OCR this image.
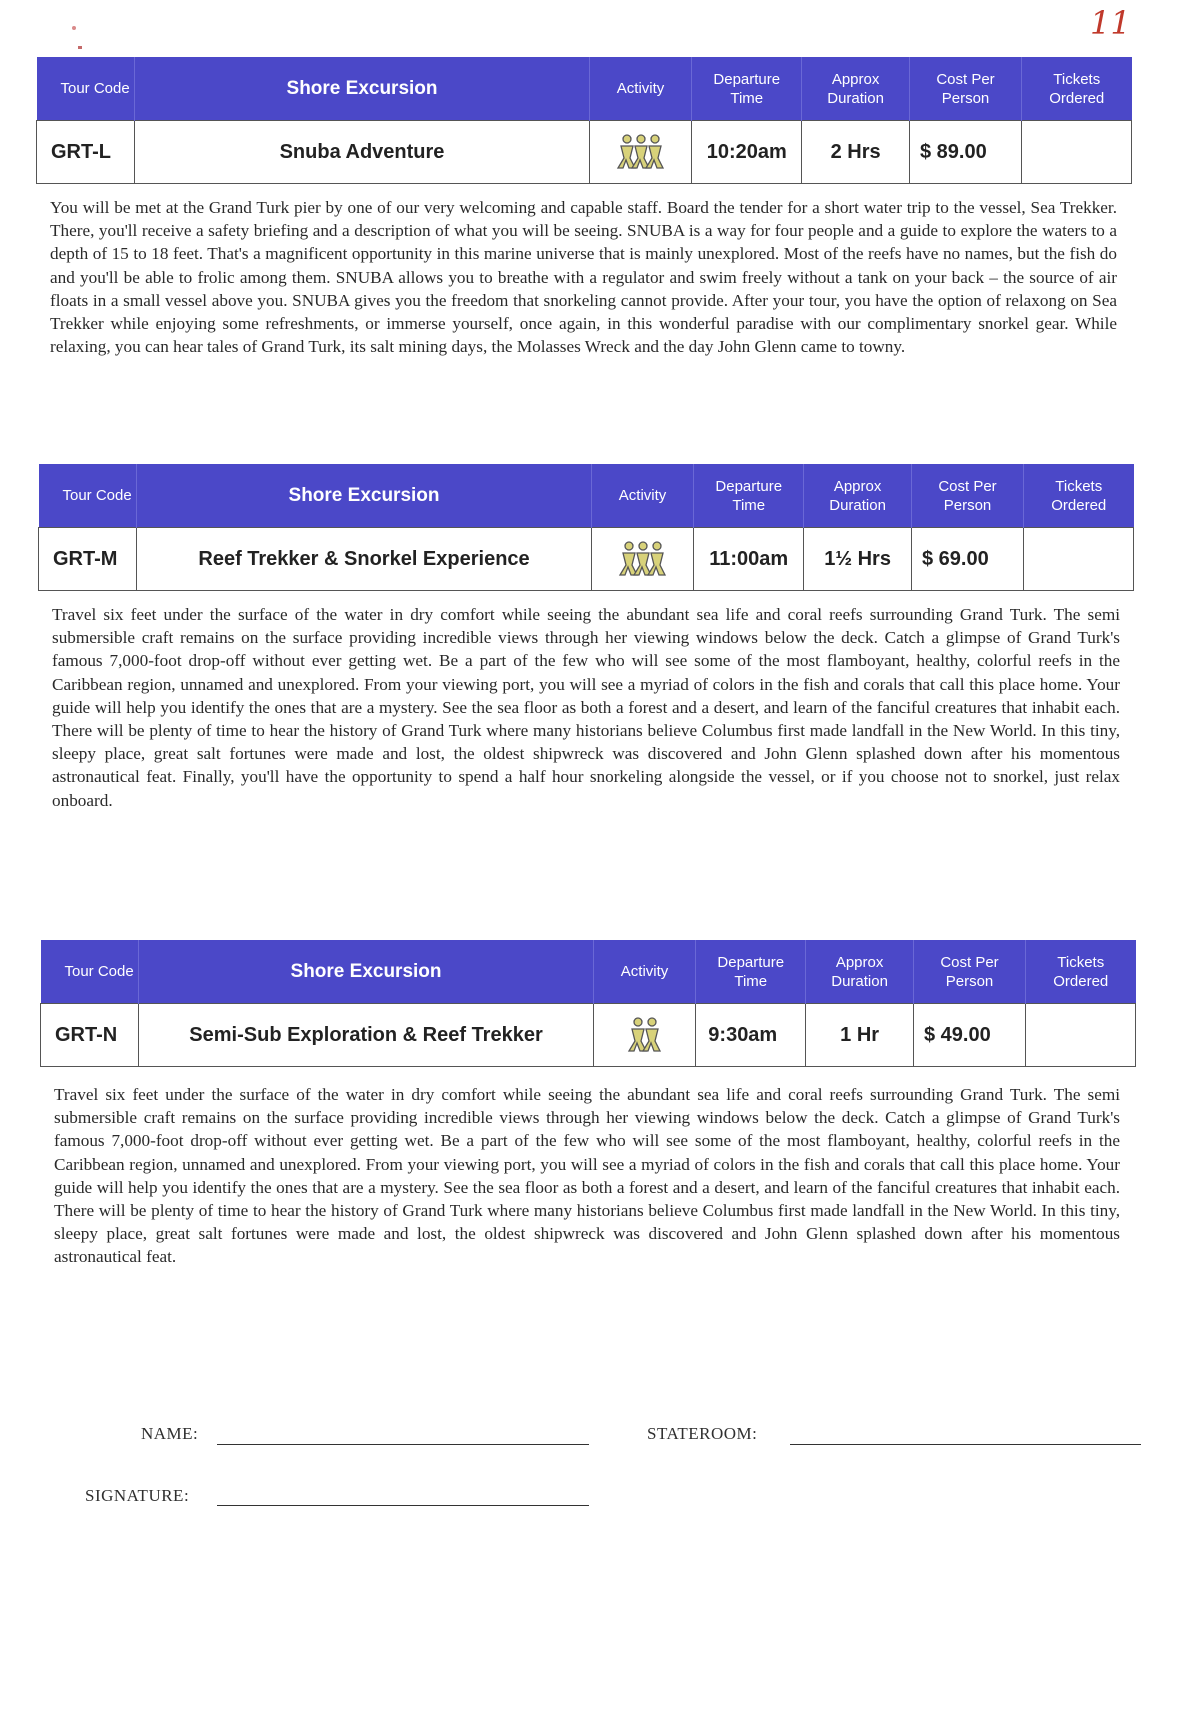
11
Tour Code	Shore Excursion	Activity	Departure Time	Approx Duration	Cost Per Person	Tickets Ordered
GRT-L	Snuba Adventure		10:20am	2 Hrs	$ 89.00	
You will be met at the Grand Turk pier by one of our very welcoming and capable staff. Board the tender for a short water trip to the vessel, Sea Trekker. There, you'll receive a safety briefing and a description of what you will be seeing. SNUBA is a way for four people and a guide to explore the waters to a depth of 15 to 18 feet. That's a magnificent opportunity in this marine universe that is mainly unexplored. Most of the reefs have no names, but the fish do and you'll be able to frolic among them. SNUBA allows you to breathe with a regulator and swim freely without a tank on your back – the source of air floats in a small vessel above you. SNUBA gives you the freedom that snorkeling cannot provide. After your tour, you have the option of relaxong on Sea Trekker while enjoying some refreshments, or immerse yourself, once again, in this wonderful paradise with our complimentary snorkel gear. While relaxing, you can hear tales of Grand Turk, its salt mining days, the Molasses Wreck and the day John Glenn came to towny.
Tour Code	Shore Excursion	Activity	Departure Time	Approx Duration	Cost Per Person	Tickets Ordered
GRT-M	Reef Trekker & Snorkel Experience		11:00am	1½ Hrs	$ 69.00	
Travel six feet under the surface of the water in dry comfort while seeing the abundant sea life and coral reefs surrounding Grand Turk. The semi submersible craft remains on the surface providing incredible views through her viewing windows below the deck. Catch a glimpse of Grand Turk's famous 7,000-foot drop-off without ever getting wet. Be a part of the few who will see some of the most flamboyant, healthy, colorful reefs in the Caribbean region, unnamed and unexplored. From your viewing port, you will see a myriad of colors in the fish and corals that call this place home. Your guide will help you identify the ones that are a mystery. See the sea floor as both a forest and a desert, and learn of the fanciful creatures that inhabit each. There will be plenty of time to hear the history of Grand Turk where many historians believe Columbus first made landfall in the New World. In this tiny, sleepy place, great salt fortunes were made and lost, the oldest shipwreck was discovered and John Glenn splashed down after his momentous astronautical feat. Finally, you'll have the opportunity to spend a half hour snorkeling alongside the vessel, or if you choose not to snorkel, just relax onboard.
Tour Code	Shore Excursion	Activity	Departure Time	Approx Duration	Cost Per Person	Tickets Ordered
GRT-N	Semi-Sub Exploration & Reef Trekker		9:30am	1 Hr	$ 49.00	
Travel six feet under the surface of the water in dry comfort while seeing the abundant sea life and coral reefs surrounding Grand Turk. The semi submersible craft remains on the surface providing incredible views through her viewing windows below the deck. Catch a glimpse of Grand Turk's famous 7,000-foot drop-off without ever getting wet. Be a part of the few who will see some of the most flamboyant, healthy, colorful reefs in the Caribbean region, unnamed and unexplored. From your viewing port, you will see a myriad of colors in the fish and corals that call this place home. Your guide will help you identify the ones that are a mystery. See the sea floor as both a forest and a desert, and learn of the fanciful creatures that inhabit each. There will be plenty of time to hear the history of Grand Turk where many historians believe Columbus first made landfall in the New World. In this tiny, sleepy place, great salt fortunes were made and lost, the oldest shipwreck was discovered and John Glenn splashed down after his momentous astronautical feat.
NAME:	STATEROOM:
SIGNATURE:
